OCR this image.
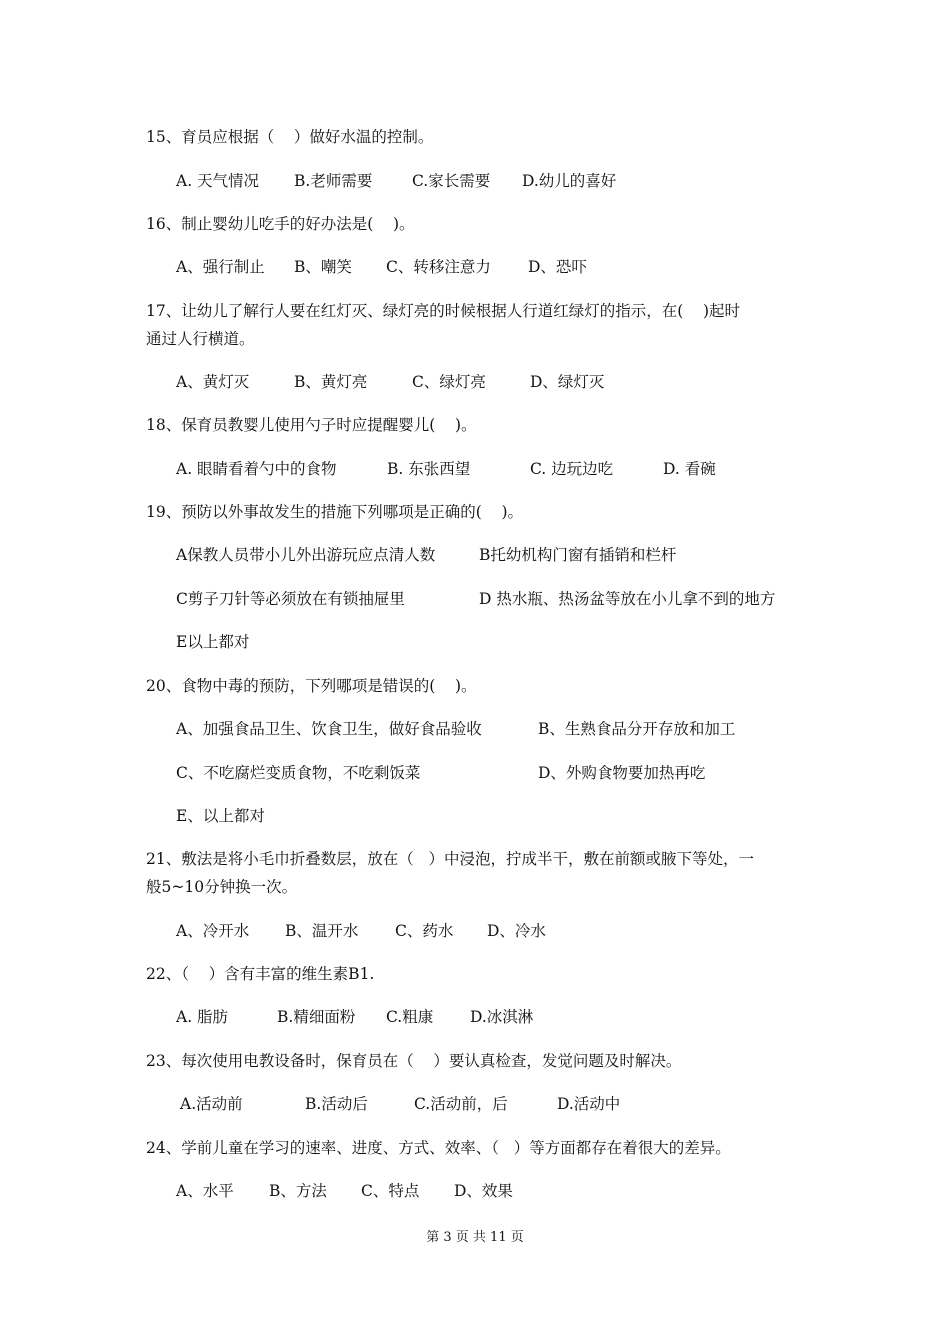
15、育员应根据（    ）做好水温的控制。
A. 天气情况 B.老师需要	C.家长需要 D.幼儿的喜好
16、制止婴幼儿吃手的好办法是(    )。
A、强行制止 B、嘲笑 C、转移注意力 D、恐吓
17、让幼儿了解行人要在红灯灭、绿灯亮的时候根据人行道红绿灯的指示，在(    )起时
通过人行横道。
A、黄灯灭	B、黄灯亮	C、绿灯亮	D、绿灯灭
18、保育员教婴儿使用勺子时应提醒婴儿(    )。
A. 眼睛看着勺中的食物	B. 东张西望	C. 边玩边吃	D. 看碗
19、预防以外事故发生的措施下列哪项是正确的(    )。
A保教人员带小儿外出游玩应点清人数	B托幼机构门窗有插销和栏杆
C剪子刀针等必须放在有锁抽屉里	D 热水瓶、热汤盆等放在小儿拿不到的地方
E以上都对
20、食物中毒的预防，下列哪项是错误的(    )。
A、加强食品卫生、饮食卫生，做好食品验收	B、生熟食品分开存放和加工
C、不吃腐烂变质食物，不吃剩饭菜	D、外购食物要加热再吃
E、以上都对
21、敷法是将小毛巾折叠数层，放在（   ）中浸泡，拧成半干，敷在前额或腋下等处，一
般5~10分钟换一次。
A、冷开水 B、温开水 C、药水 D、冷水
22、（    ）含有丰富的维生素B1.
A. 脂肪	B.精细面粉 C.粗康 D.冰淇淋
23、每次使用电教设备时，保育员在（    ）要认真检查，发觉问题及时解决。
A.活动前	B.活动后	C.活动前，后	D.活动中
24、学前儿童在学习的速率、进度、方式、效率、（   ）等方面都存在着很大的差异。
A、水平 B、方法 C、特点 D、效果
第 3 页 共 11 页
